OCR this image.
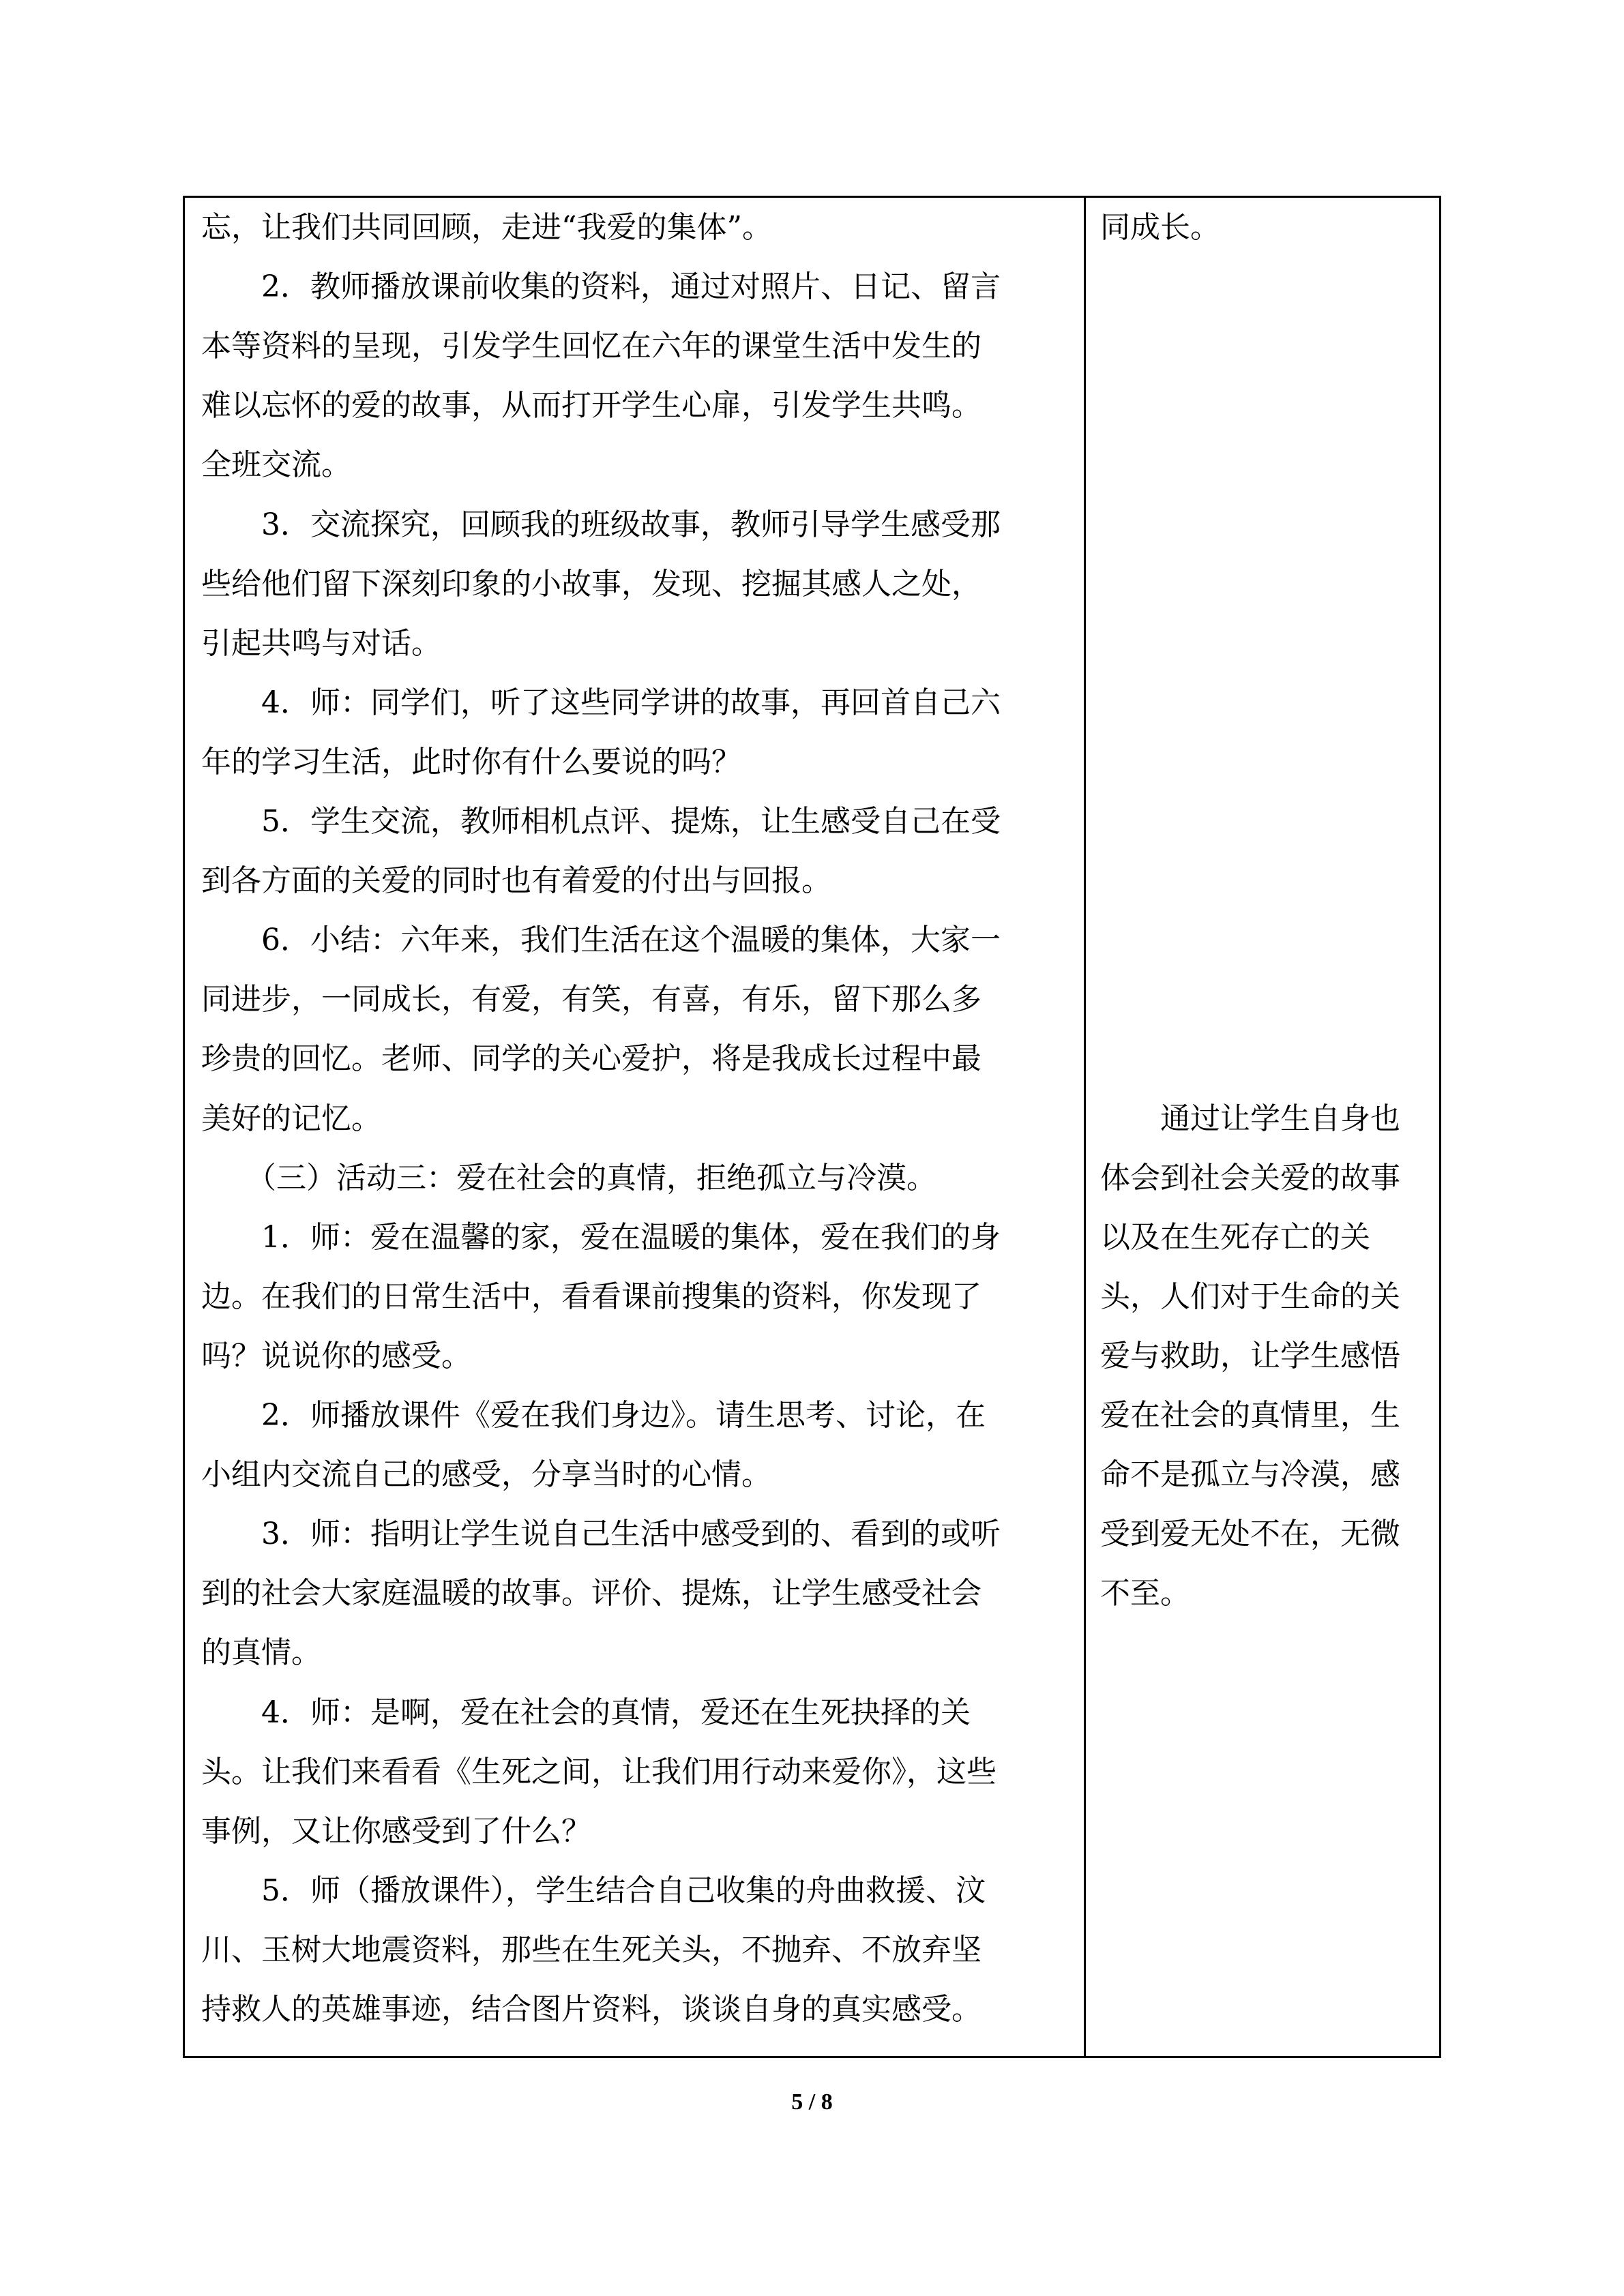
忘，让我们共同回顾，走进“我爱的集体”。
　　2．教师播放课前收集的资料，通过对照片、日记、留言
本等资料的呈现，引发学生回忆在六年的课堂生活中发生的
难以忘怀的爱的故事，从而打开学生心扉，引发学生共鸣。
全班交流。
　　3．交流探究，回顾我的班级故事，教师引导学生感受那
些给他们留下深刻印象的小故事，发现、挖掘其感人之处，
引起共鸣与对话。
　　4．师：同学们，听了这些同学讲的故事，再回首自己六
年的学习生活，此时你有什么要说的吗？
　　5．学生交流，教师相机点评、提炼，让生感受自己在受
到各方面的关爱的同时也有着爱的付出与回报。
　　6．小结：六年来，我们生活在这个温暖的集体，大家一
同进步，一同成长，有爱，有笑，有喜，有乐，留下那么多
珍贵的回忆。老师、同学的关心爱护，将是我成长过程中最
美好的记忆。
　　（三）活动三：爱在社会的真情，拒绝孤立与冷漠。
　　1．师：爱在温馨的家，爱在温暖的集体，爱在我们的身
边。在我们的日常生活中，看看课前搜集的资料，你发现了
吗？说说你的感受。
　　2．师播放课件《爱在我们身边》。请生思考、讨论，在
小组内交流自己的感受，分享当时的心情。
　　3．师：指明让学生说自己生活中感受到的、看到的或听
到的社会大家庭温暖的故事。评价、提炼，让学生感受社会
的真情。
　　4．师：是啊，爱在社会的真情，爱还在生死抉择的关
头。让我们来看看《生死之间，让我们用行动来爱你》，这些
事例，又让你感受到了什么？
　　5．师（播放课件），学生结合自己收集的舟曲救援、汶
川、玉树大地震资料，那些在生死关头，不抛弃、不放弃坚
持救人的英雄事迹，结合图片资料，谈谈自身的真实感受。
同成长。
　　通过让学生自身也
体会到社会关爱的故事
以及在生死存亡的关
头，人们对于生命的关
爱与救助，让学生感悟
爱在社会的真情里，生
命不是孤立与冷漠，感
受到爱无处不在，无微
不至。
5 / 8
